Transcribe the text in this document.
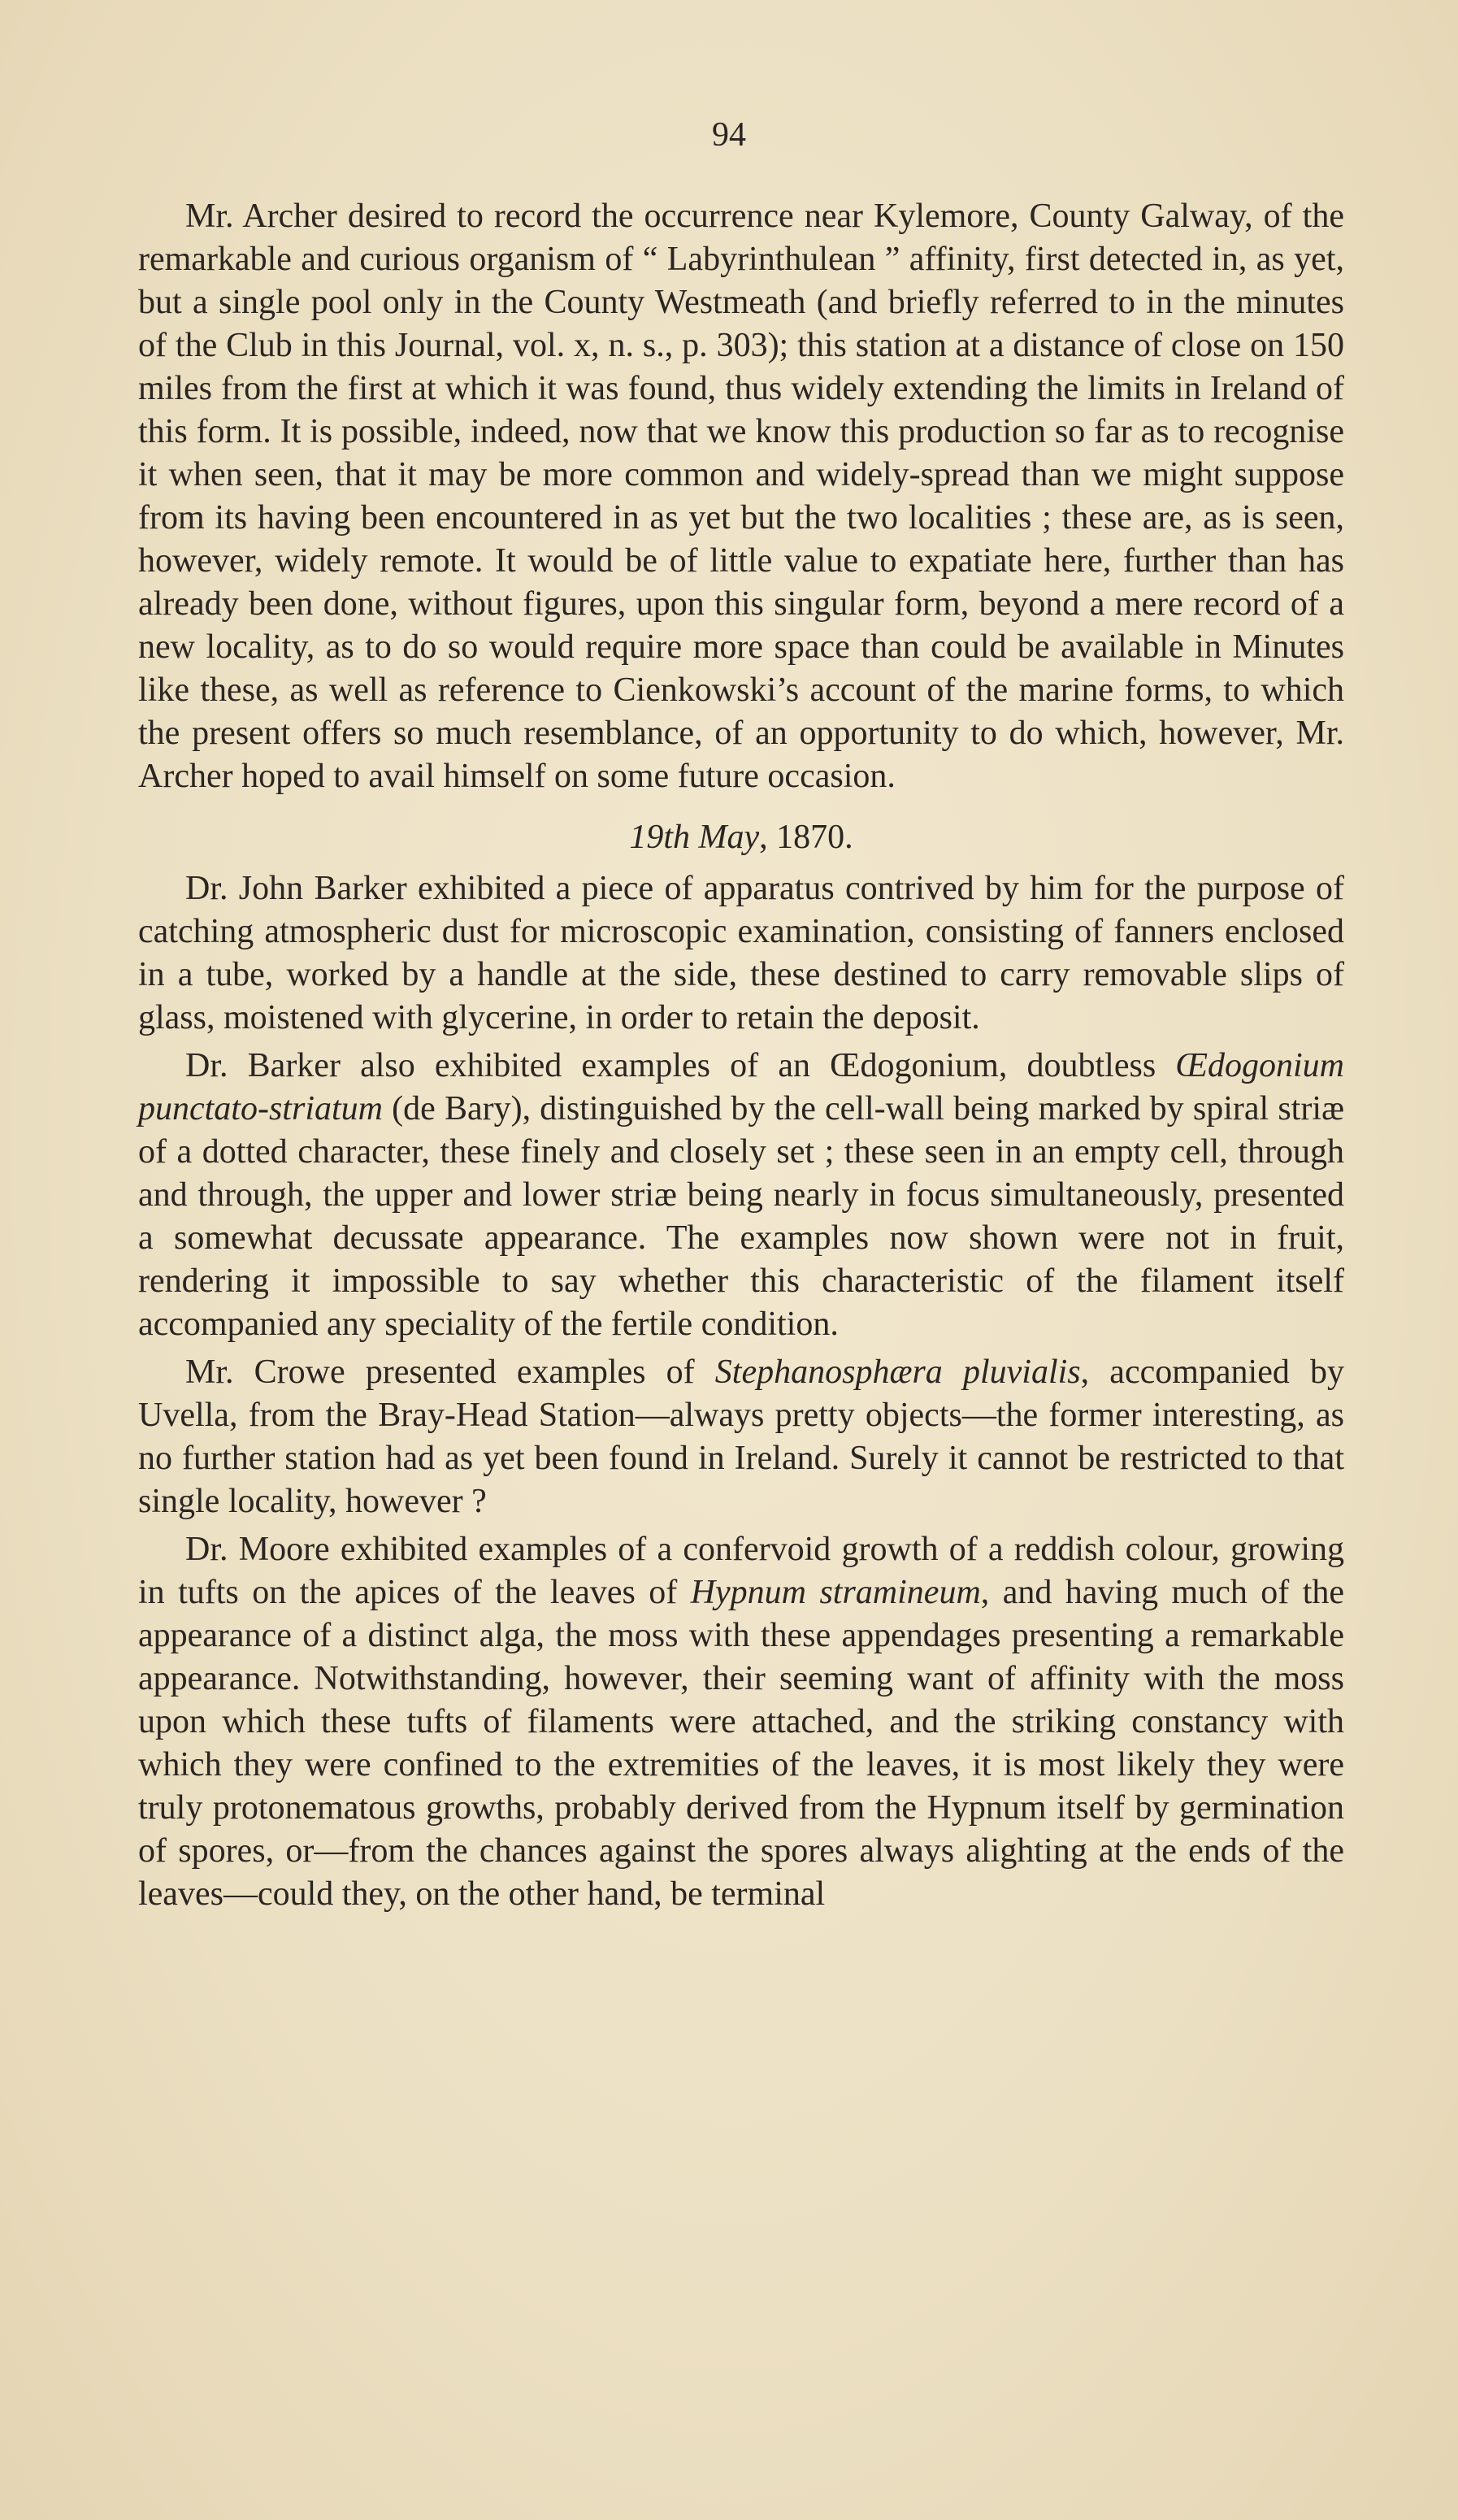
94

Mr. Archer desired to record the occurrence near Kylemore, County Galway, of the remarkable and curious organism of “ Labyrinthulean ” affinity, first detected in, as yet, but a single pool only in the County Westmeath (and briefly referred to in the minutes of the Club in this Journal, vol. x, n. s., p. 303); this station at a distance of close on 150 miles from the first at which it was found, thus widely extending the limits in Ireland of this form. It is possible, indeed, now that we know this production so far as to recognise it when seen, that it may be more common and widely-spread than we might suppose from its having been encountered in as yet but the two localities ; these are, as is seen, however, widely remote. It would be of little value to expatiate here, further than has already been done, without figures, upon this singular form, beyond a mere record of a new locality, as to do so would require more space than could be available in Minutes like these, as well as reference to Cienkowski’s account of the marine forms, to which the present offers so much resemblance, of an opportunity to do which, however, Mr. Archer hoped to avail himself on some future occasion.

19th May, 1870.

Dr. John Barker exhibited a piece of apparatus contrived by him for the purpose of catching atmospheric dust for microscopic examination, consisting of fanners enclosed in a tube, worked by a handle at the side, these destined to carry removable slips of glass, moistened with glycerine, in order to retain the deposit.

Dr. Barker also exhibited examples of an Œdogonium, doubtless Œdogonium punctato-striatum (de Bary), distinguished by the cell-wall being marked by spiral striæ of a dotted character, these finely and closely set ; these seen in an empty cell, through and through, the upper and lower striæ being nearly in focus simultaneously, presented a somewhat decussate appearance. The examples now shown were not in fruit, rendering it impossible to say whether this characteristic of the filament itself accompanied any speciality of the fertile condition.

Mr. Crowe presented examples of Stephanosphæra pluvialis, accompanied by Uvella, from the Bray-Head Station—always pretty objects—the former interesting, as no further station had as yet been found in Ireland. Surely it cannot be restricted to that single locality, however ?

Dr. Moore exhibited examples of a confervoid growth of a reddish colour, growing in tufts on the apices of the leaves of Hypnum stramineum, and having much of the appearance of a distinct alga, the moss with these appendages presenting a remarkable appearance. Notwithstanding, however, their seeming want of affinity with the moss upon which these tufts of filaments were attached, and the striking constancy with which they were confined to the extremities of the leaves, it is most likely they were truly protonematous growths, probably derived from the Hypnum itself by germination of spores, or—from the chances against the spores always alighting at the ends of the leaves—could they, on the other hand, be terminal
